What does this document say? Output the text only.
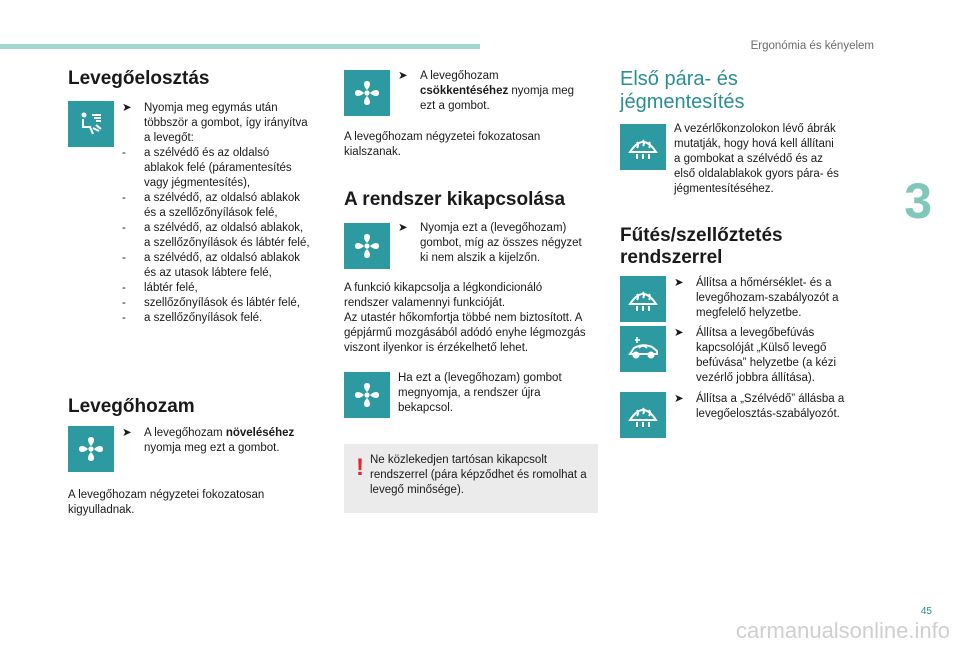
Ergonómia és kényelem
3
45
carmanualsonline.info
Levegőelosztás
➤	Nyomja meg egymás után
többször a gombot, így irányítva
a levegőt:
-	a szélvédő és az oldalsó
ablakok felé (páramentesítés
vagy jégmentesítés),
-	a szélvédő, az oldalsó ablakok
és a szellőzőnyílások felé,
-	a szélvédő, az oldalsó ablakok,
a szellőzőnyílások és lábtér felé,
-	a szélvédő, az oldalsó ablakok
és az utasok lábtere felé,
-	lábtér felé,
-	szellőzőnyílások és lábtér felé,
-	a szellőzőnyílások felé.
Levegőhozam
➤	A levegőhozam növeléséhez
nyomja meg ezt a gombot.
A levegőhozam négyzetei fokozatosan
kigyulladnak.
➤	A levegőhozam
csökkentéséhez nyomja meg
ezt a gombot.
A levegőhozam négyzetei fokozatosan
kialszanak.
A rendszer kikapcsolása
➤	Nyomja ezt a (levegőhozam)
gombot, míg az összes négyzet
ki nem alszik a kijelzőn.
A funkció kikapcsolja a légkondicionáló
rendszer valamennyi funkcióját.
Az utastér hőkomfortja többé nem biztosított. A
gépjármű mozgásából adódó enyhe légmozgás
viszont ilyenkor is érzékelhető lehet.
Ha ezt a (levegőhozam) gombot
megnyomja, a rendszer újra
bekapcsol.
! Ne közlekedjen tartósan kikapcsolt
rendszerrel (pára képződhet és romolhat a
levegő minősége).
Első pára- és
jégmentesítés
A vezérlőkonzolokon lévő ábrák
mutatják, hogy hová kell állítani
a gombokat a szélvédő és az
első oldalablakok gyors pára- és
jégmentesítéséhez.
Fűtés/szellőztetés
rendszerrel
➤	Állítsa a hőmérséklet- és a
levegőhozam-szabályozót a
megfelelő helyzetbe.
➤	Állítsa a levegőbefúvás
kapcsolóját „Külső levegő
befúvása” helyzetbe (a kézi
vezérlő jobbra állítása).
➤	Állítsa a „Szélvédő” állásba a
levegőelosztás-szabályozót.
